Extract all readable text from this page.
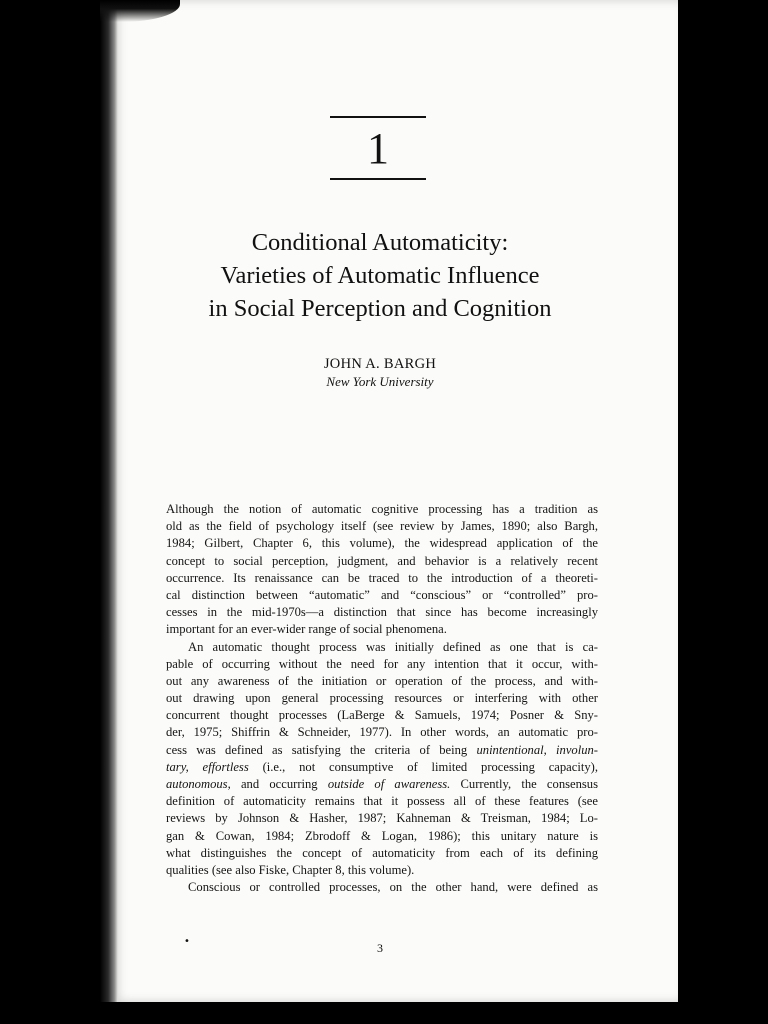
1
Conditional Automaticity:
Varieties of Automatic Influence
in Social Perception and Cognition
JOHN A. BARGH
New York University
Although the notion of automatic cognitive processing has a tradition as
old as the field of psychology itself (see review by James, 1890; also Bargh,
1984; Gilbert, Chapter 6, this volume), the widespread application of the
concept to social perception, judgment, and behavior is a relatively recent
occurrence. Its renaissance can be traced to the introduction of a theoreti-
cal distinction between “automatic” and “conscious” or “controlled” pro-
cesses in the mid-1970s—a distinction that since has become increasingly
important for an ever-wider range of social phenomena.
An automatic thought process was initially defined as one that is ca-
pable of occurring without the need for any intention that it occur, with-
out any awareness of the initiation or operation of the process, and with-
out drawing upon general processing resources or interfering with other
concurrent thought processes (LaBerge & Samuels, 1974; Posner & Sny-
der, 1975; Shiffrin & Schneider, 1977). In other words, an automatic pro-
cess was defined as satisfying the criteria of being unintentional, involun-
tary, effortless (i.e., not consumptive of limited processing capacity),
autonomous, and occurring outside of awareness. Currently, the consensus
definition of automaticity remains that it possess all of these features (see
reviews by Johnson & Hasher, 1987; Kahneman & Treisman, 1984; Lo-
gan & Cowan, 1984; Zbrodoff & Logan, 1986); this unitary nature is
what distinguishes the concept of automaticity from each of its defining
qualities (see also Fiske, Chapter 8, this volume).
Conscious or controlled processes, on the other hand, were defined as
•	3
